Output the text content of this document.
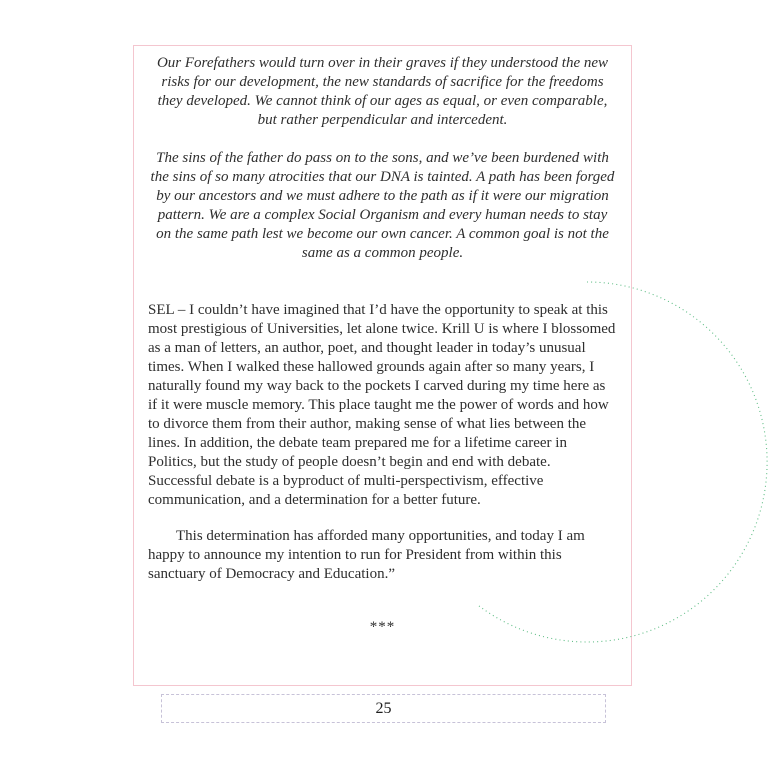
Our Forefathers would turn over in their graves if they understood the new risks for our development, the new standards of sacrifice for the freedoms they developed. We cannot think of our ages as equal, or even comparable, but rather perpendicular and intercedent.

The sins of the father do pass on to the sons, and we’ve been burdened with the sins of so many atrocities that our DNA is tainted. A path has been forged by our ancestors and we must adhere to the path as if it were our migration pattern. We are a complex Social Organism and every human needs to stay on the same path lest we become our own cancer. A common goal is not the same as a common people.

SEL – I couldn’t have imagined that I’d have the opportunity to speak at this most prestigious of Universities, let alone twice. Krill U is where I blossomed as a man of letters, an author, poet, and thought leader in today’s unusual times. When I walked these hallowed grounds again after so many years, I naturally found my way back to the pockets I carved during my time here as if it were muscle memory. This place taught me the power of words and how to divorce them from their author, making sense of what lies between the lines. In addition, the debate team prepared me for a lifetime career in Politics, but the study of people doesn’t begin and end with debate. Successful debate is a byproduct of multi-perspectivism, effective communication, and a determination for a better future.

This determination has afforded many opportunities, and today I am happy to announce my intention to run for President from within this sanctuary of Democracy and Education.”

***

25
